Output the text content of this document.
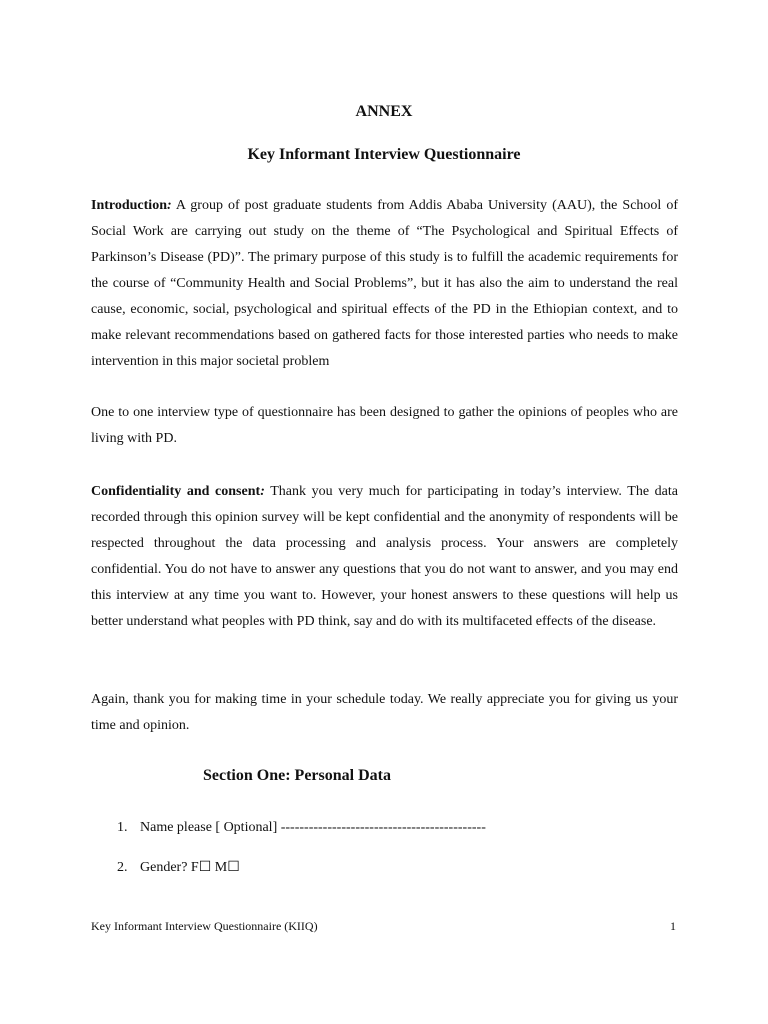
ANNEX
Key Informant Interview Questionnaire
Introduction: A group of post graduate students from Addis Ababa University (AAU), the School of Social Work are carrying out study on the theme of “The Psychological and Spiritual Effects of Parkinson’s Disease (PD)”. The primary purpose of this study is to fulfill the academic requirements for the course of “Community Health and Social Problems”, but it has also the aim to understand the real cause, economic, social, psychological and spiritual effects of the PD in the Ethiopian context, and to make relevant recommendations based on gathered facts for those interested parties who needs to make intervention in this major societal problem
One to one interview type of questionnaire has been designed to gather the opinions of peoples who are living with PD.
Confidentiality and consent: Thank you very much for participating in today’s interview. The data recorded through this opinion survey will be kept confidential and the anonymity of respondents will be respected throughout the data processing and analysis process. Your answers are completely confidential. You do not have to answer any questions that you do not want to answer, and you may end this interview at any time you want to. However, your honest answers to these questions will help us better understand what peoples with PD think, say and do with its multifaceted effects of the disease.
Again, thank you for making time in your schedule today. We really appreciate you for giving us your time and opinion.
Section One: Personal Data
1. Name please [ Optional] --------------------------------------------
2. Gender? F☐ M☐
Key Informant Interview Questionnaire (KIIQ)	1
